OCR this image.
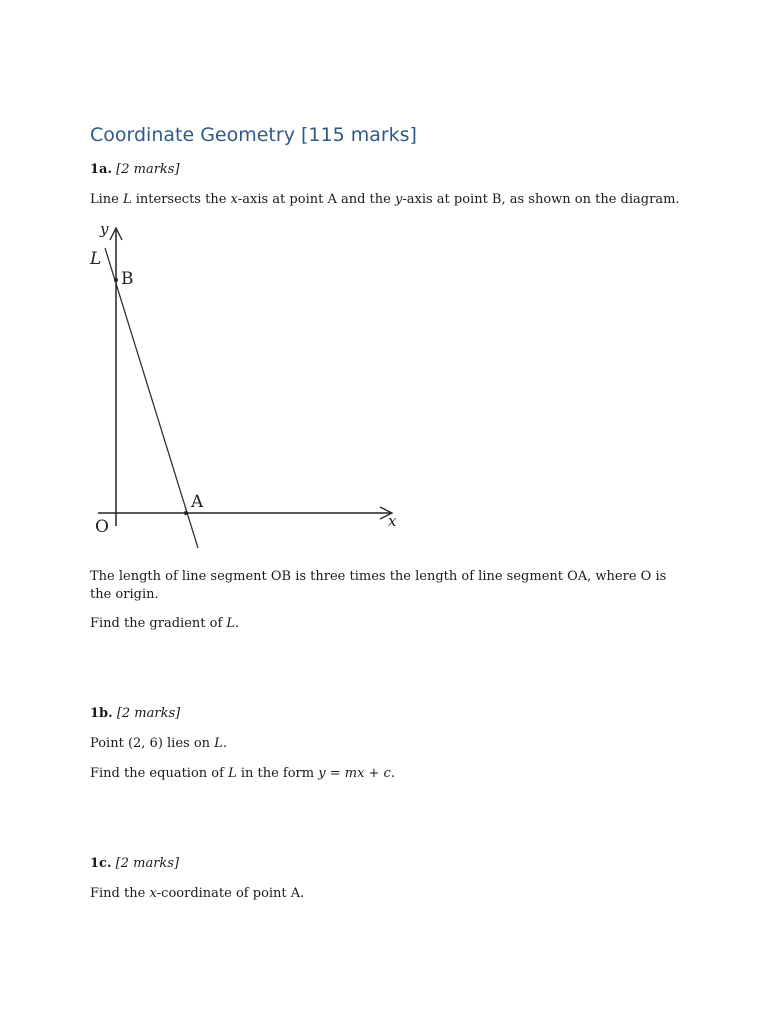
Coordinate Geometry [115 marks]

1a. [2 marks]

Line L intersects the x-axis at point A and the y-axis at point B, as shown on the diagram.

y
L
B
A
O	x

The length of line segment OB is three times the length of line segment OA, where O is the origin.

Find the gradient of L.

1b. [2 marks]

Point (2, 6) lies on L.

Find the equation of L in the form y = mx + c.

1c. [2 marks]

Find the x-coordinate of point A.
